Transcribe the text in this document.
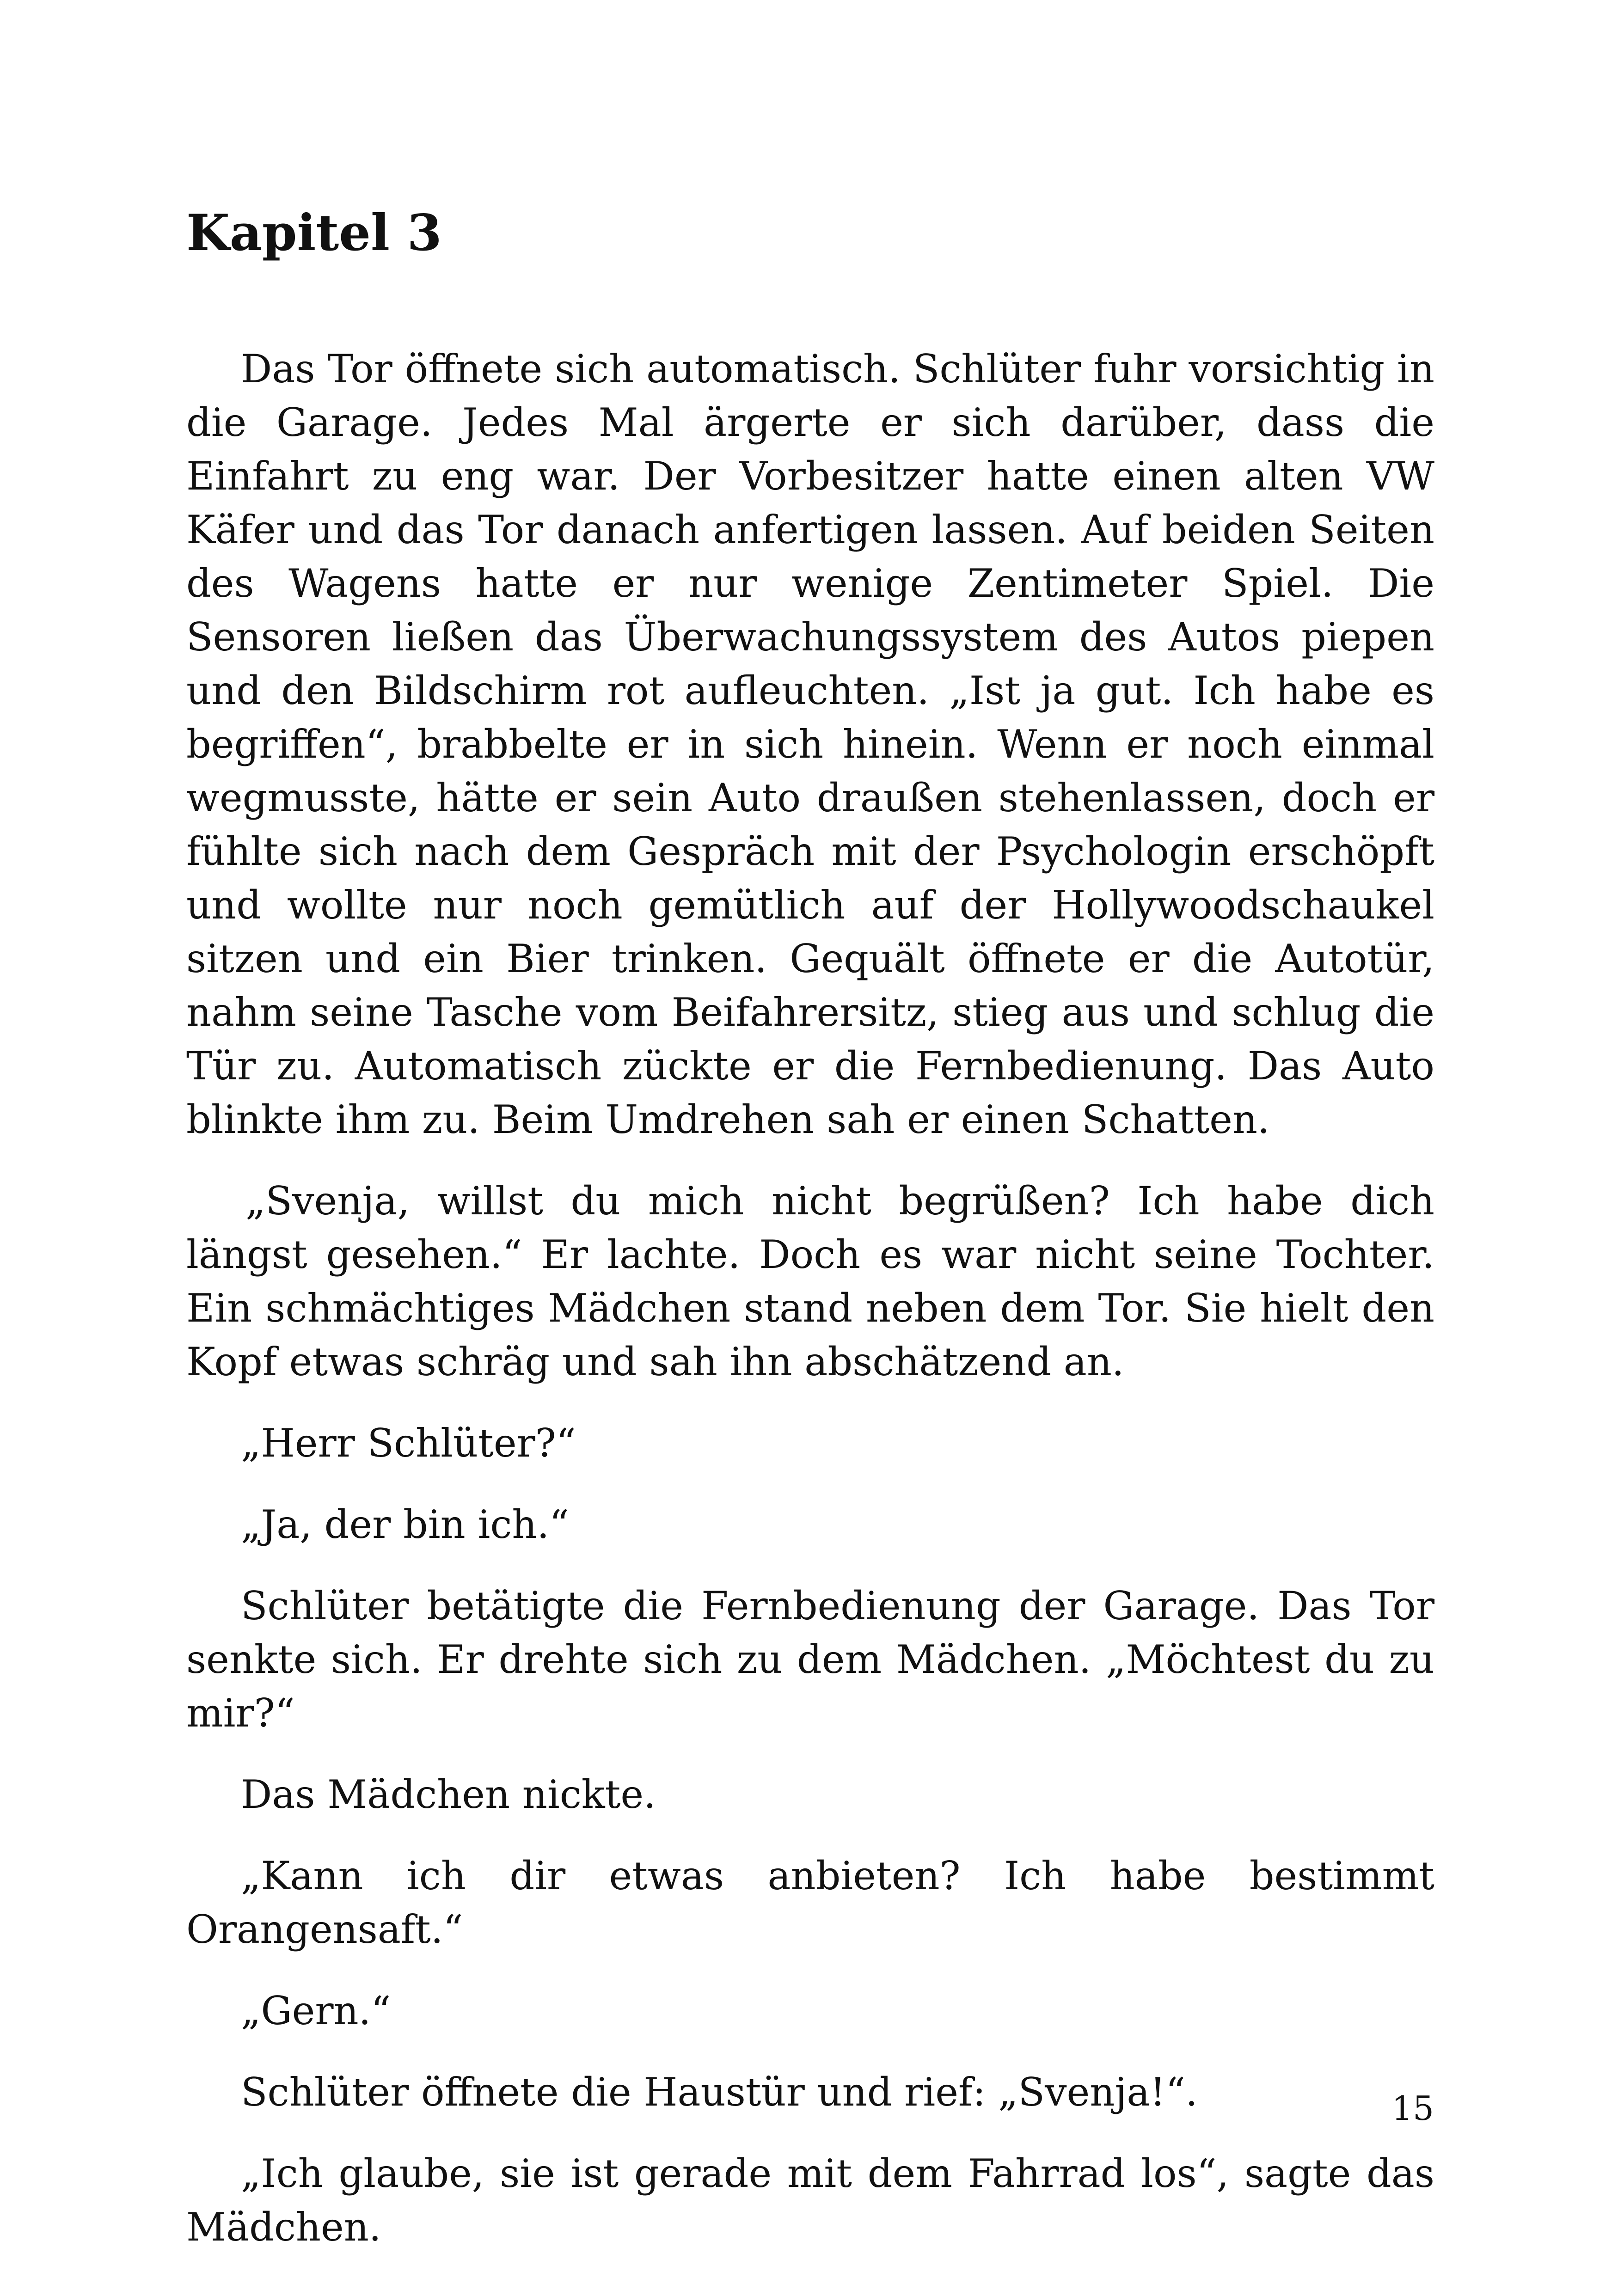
Kapitel 3

Das Tor öffnete sich automatisch. Schlüter fuhr vorsichtig in die Garage. Jedes Mal ärgerte er sich darüber, dass die Einfahrt zu eng war. Der Vorbesitzer hatte einen alten VW Käfer und das Tor danach anfertigen lassen. Auf beiden Seiten des Wagens hatte er nur wenige Zentimeter Spiel. Die Sensoren ließen das Überwachungssystem des Autos piepen und den Bildschirm rot aufleuchten. „Ist ja gut. Ich habe es begriffen“, brabbelte er in sich hinein. Wenn er noch einmal wegmusste, hätte er sein Auto draußen stehenlassen, doch er fühlte sich nach dem Gespräch mit der Psychologin erschöpft und wollte nur noch gemütlich auf der Hollywoodschaukel sitzen und ein Bier trinken. Gequält öffnete er die Autotür, nahm seine Tasche vom Beifahrersitz, stieg aus und schlug die Tür zu. Automatisch zückte er die Fernbedienung. Das Auto blinkte ihm zu. Beim Umdrehen sah er einen Schatten.

„Svenja, willst du mich nicht begrüßen? Ich habe dich längst gesehen.“ Er lachte. Doch es war nicht seine Tochter. Ein schmächtiges Mädchen stand neben dem Tor. Sie hielt den Kopf etwas schräg und sah ihn abschätzend an.

„Herr Schlüter?“

„Ja, der bin ich.“

Schlüter betätigte die Fernbedienung der Garage. Das Tor senkte sich. Er drehte sich zu dem Mädchen. „Möchtest du zu mir?“

Das Mädchen nickte.

„Kann ich dir etwas anbieten? Ich habe bestimmt Orangensaft.“

„Gern.“

Schlüter öffnete die Haustür und rief: „Svenja!“.

„Ich glaube, sie ist gerade mit dem Fahrrad los“, sagte das Mädchen.

15
